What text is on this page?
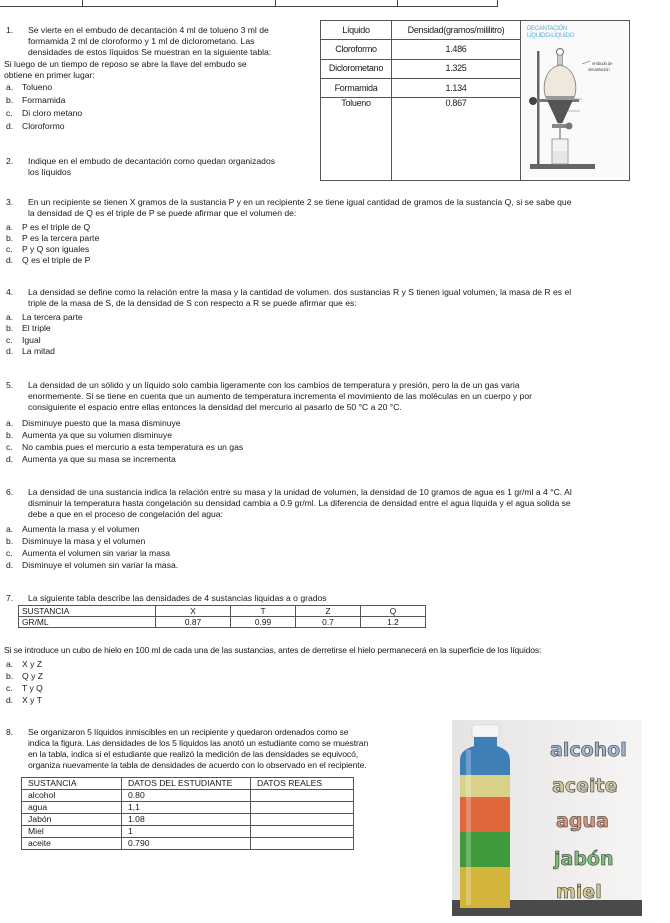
1.	Se vierte en el embudo de decantación 4 ml de tolueno 3 ml de
formamida 2 ml de cloroformo y 1 ml de diclorometano. Las
densidades de estos líquidos Se muestran en la siguiente tabla:
Si luego de un tiempo de reposo se abre la llave del embudo se
obtiene en primer lugar:
a. Tolueno
b. Formamida
c. Di cloro metano
d. Cloroformo
Líquido	Densidad(gramos/mililitro)	DECANTACIÓN
LÍQUIDO-LÍQUIDO
embudo de
decantación

Cloroformo	1.486	
Diclorometano	1.325	
Formamida	1.134	
Tolueno	0.867	
2.	Indique en el embudo de decantación como quedan organizados
los líquidos
3.	En un recipiente se tienen X gramos de la sustancia P y en un recipiente 2 se tiene igual cantidad de gramos de la sustancia Q, si se sabe que
la densidad de Q es el triple de P se puede afirmar que el volumen de:
a. P es el triple de Q
b. P es la tercera parte
c. P y Q son iguales
d. Q es el triple de P
4.	La densidad se define como la relación entre la masa y la cantidad de volumen. dos sustancias R y S tienen igual volumen, la masa de R es el
triple de la masa de S, de la densidad de S con respecto a R se puede afirmar que es:
a. La tercera parte
b. El triple
c. Igual
d. La mitad
5.	La densidad de un sólido y un líquido solo cambia ligeramente con los cambios de temperatura y presión, pero la de un gas varia
enormemente. Si se tiene en cuenta que un aumento de temperatura incrementa el movimiento de las moléculas en un cuerpo y por
consiguiente el espacio entre ellas entonces la densidad del mercurio al pasarlo de 50 °C a 20 °C.
a. Disminuye puesto que la masa disminuye
b. Aumenta ya que su volumen disminuye
c. No cambia pues el mercurio a esta temperatura es un gas
d. Aumenta ya que su masa se incrementa
6.	La densidad de una sustancia indica la relación entre su masa y la unidad de volumen, la densidad de 10 gramos de agua es 1 gr/ml a 4 °C. Al
disminuir la temperatura hasta congelación su densidad cambia a 0.9 gr/ml. La diferencia de densidad entre el agua líquida y el agua solida se
debe a que en el proceso de congelación del agua:
a. Aumenta la masa y el volumen
b. Disminuye la masa y el volumen
c. Aumenta el volumen sin variar la masa
d. Disminuye el volumen sin variar la masa.
7.	La siguiente tabla describe las densidades de 4 sustancias liquidas a o grados
SUSTANCIA	X	T	Z	Q
GR/ML	0.87	0.99	0.7	1.2
Si se introduce un cubo de hielo en 100 ml de cada una de las sustancias, antes de derretirse el hielo permanecerá en la superficie de los líquidos:
a. X y Z
b. Q y Z
c. T y Q
d. X y T
8.	Se organizaron 5 líquidos inmiscibles en un recipiente y quedaron ordenados como se
indica la figura. Las densidades de los 5 líquidos las anotó un estudiante como se muestran
en la tabla, indica si el estudiante que realizó la medición de las densidades se equivocó,
organiza nuevamente la tabla de densidades de acuerdo con lo observado en el recipiente.
SUSTANCIA	DATOS DEL ESTUDIANTE	DATOS REALES
alcohol	0.80	
agua	1,1	
Jabón	1.08	
Miel	1	
aceite	0.790	
alcohol
aceite
agua
jabón
miel
